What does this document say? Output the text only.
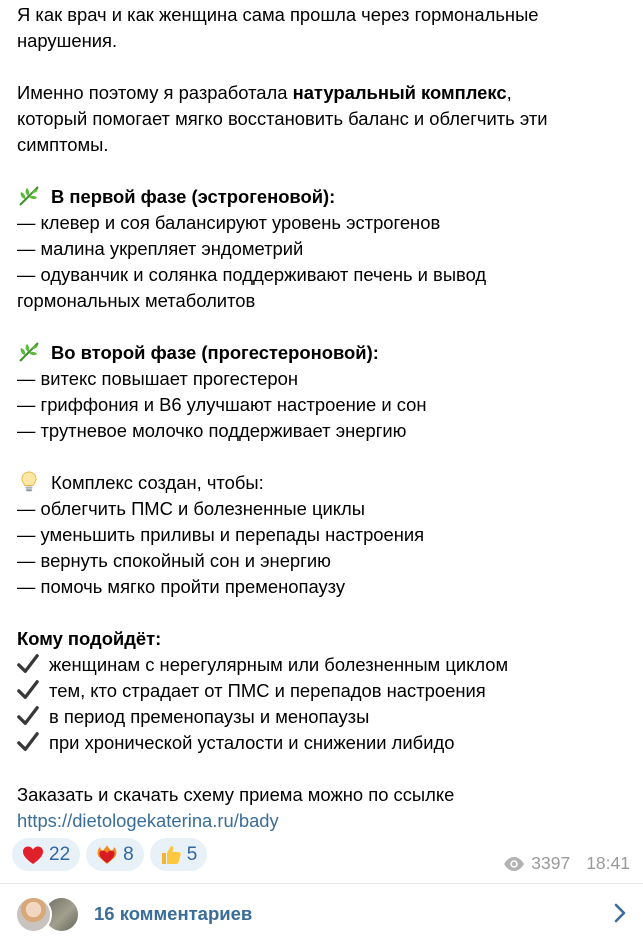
Я как врач и как женщина сама прошла через гормональные

нарушения.

Именно поэтому я разработала натуральный комплекс,

который помогает мягко восстановить баланс и облегчить эти

симптомы.

В первой фазе (эстрогеновой):

— клевер и соя балансируют уровень эстрогенов

— малина укрепляет эндометрий

— одуванчик и солянка поддерживают печень и вывод

гормональных метаболитов

Во второй фазе (прогестероновой):

— витекс повышает прогестерон

— гриффония и В6 улучшают настроение и сон

— трутневое молочко поддерживает энергию

Комплекс создан, чтобы:

— облегчить ПМС и болезненные циклы

— уменьшить приливы и перепады настроения

— вернуть спокойный сон и энергию

— помочь мягко пройти пременопаузу

Кому подойдёт:

женщинам с нерегулярным или болезненным циклом

тем, кто страдает от ПМС и перепадов настроения

в период пременопаузы и менопаузы

при хронической усталости и снижении либидо

Заказать и скачать схему приема можно по ссылке

https://dietologekaterina.ru/bady

22	8	5	3397 18:41
16 комментариев
